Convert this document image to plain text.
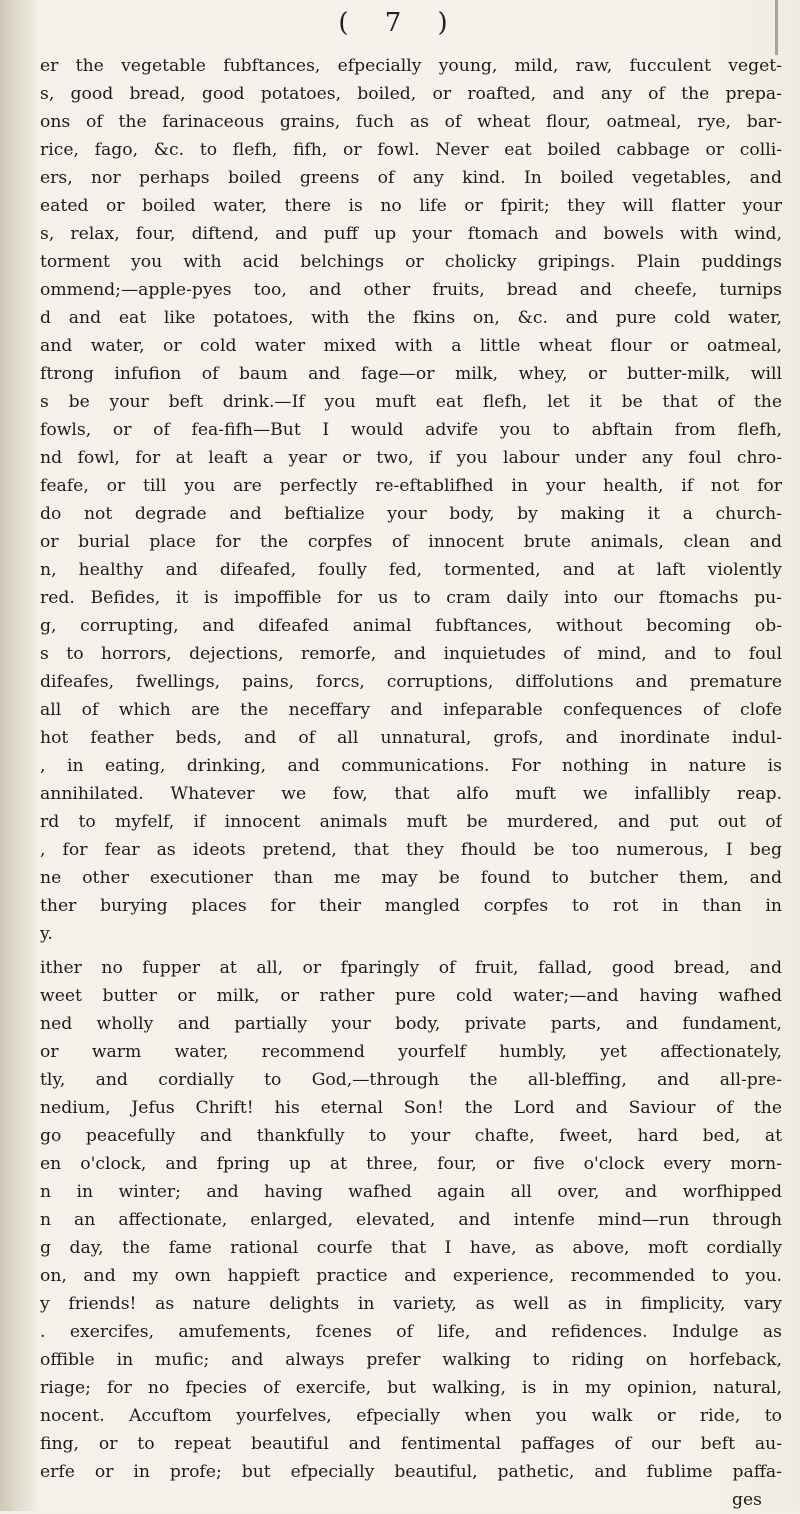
( 7 )
er the vegetable fubftances, efpecially young, mild, raw, fucculent veget-
s, good bread, good potatoes, boiled, or roafted, and any of the prepa-
ons of the farinaceous grains, fuch as of wheat flour, oatmeal, rye, bar-
rice, fago, &c. to flefh, fifh, or fowl. Never eat boiled cabbage or colli-
ers, nor perhaps boiled greens of any kind. In boiled vegetables, and
eated or boiled water, there is no life or fpirit; they will flatter your
s, relax, four, diftend, and puff up your ftomach and bowels with wind,
torment you with acid belchings or cholicky gripings. Plain puddings
ommend;—apple-pyes too, and other fruits, bread and cheefe, turnips
d and eat like potatoes, with the fkins on, &c. and pure cold water,
and water, or cold water mixed with a little wheat flour or oatmeal,
ftrong infufion of baum and fage—or milk, whey, or butter-milk, will
s be your beft drink.—If you muft eat flefh, let it be that of the
fowls, or of fea-fifh—But I would advife you to abftain from flefh,
nd fowl, for at leaft a year or two, if you labour under any foul chro-
feafe, or till you are perfectly re-eftablifhed in your health, if not for
do not degrade and beftialize your body, by making it a church-
or burial place for the corpfes of innocent brute animals, clean and
n, healthy and difeafed, foully fed, tormented, and at laft violently
red. Befides, it is impoffible for us to cram daily into our ftomachs pu-
g, corrupting, and difeafed animal fubftances, without becoming ob-
s to horrors, dejections, remorfe, and inquietudes of mind, and to foul
difeafes, fwellings, pains, forcs, corruptions, diffolutions and premature
all of which are the neceffary and infeparable confequences of clofe
hot feather beds, and of all unnatural, grofs, and inordinate indul-
, in eating, drinking, and communications. For nothing in nature is
annihilated. Whatever we fow, that alfo muft we infallibly reap.
rd to myfelf, if innocent animals muft be murdered, and put out of
, for fear as ideots pretend, that they fhould be too numerous, I beg
ne other executioner than me may be found to butcher them, and
ther burying places for their mangled corpfes to rot in than in
y.
ither no fupper at all, or fparingly of fruit, fallad, good bread, and
weet butter or milk, or rather pure cold water;—and having wafhed
ned wholly and partially your body, private parts, and fundament,
or warm water, recommend yourfelf humbly, yet affectionately,
tly, and cordially to God,—through the all-bleffing, and all-pre-
nedium, Jefus Chrift! his eternal Son! the Lord and Saviour of the
go peacefully and thankfully to your chafte, fweet, hard bed, at
en o'clock, and fpring up at three, four, or five o'clock every morn-
n in winter; and having wafhed again all over, and worfhipped
n an affectionate, enlarged, elevated, and intenfe mind—run through
g day, the fame rational courfe that I have, as above, moft cordially
on, and my own happieft practice and experience, recommended to you.
y friends! as nature delights in variety, as well as in fimplicity, vary
. exercifes, amufements, fcenes of life, and refidences. Indulge as
offible in mufic; and always prefer walking to riding on horfeback,
riage; for no fpecies of exercife, but walking, is in my opinion, natural,
nocent. Accuftom yourfelves, efpecially when you walk or ride, to
fing, or to repeat beautiful and fentimental paffages of our beft au-
erfe or in profe; but efpecially beautiful, pathetic, and fublime paffa-
ges
